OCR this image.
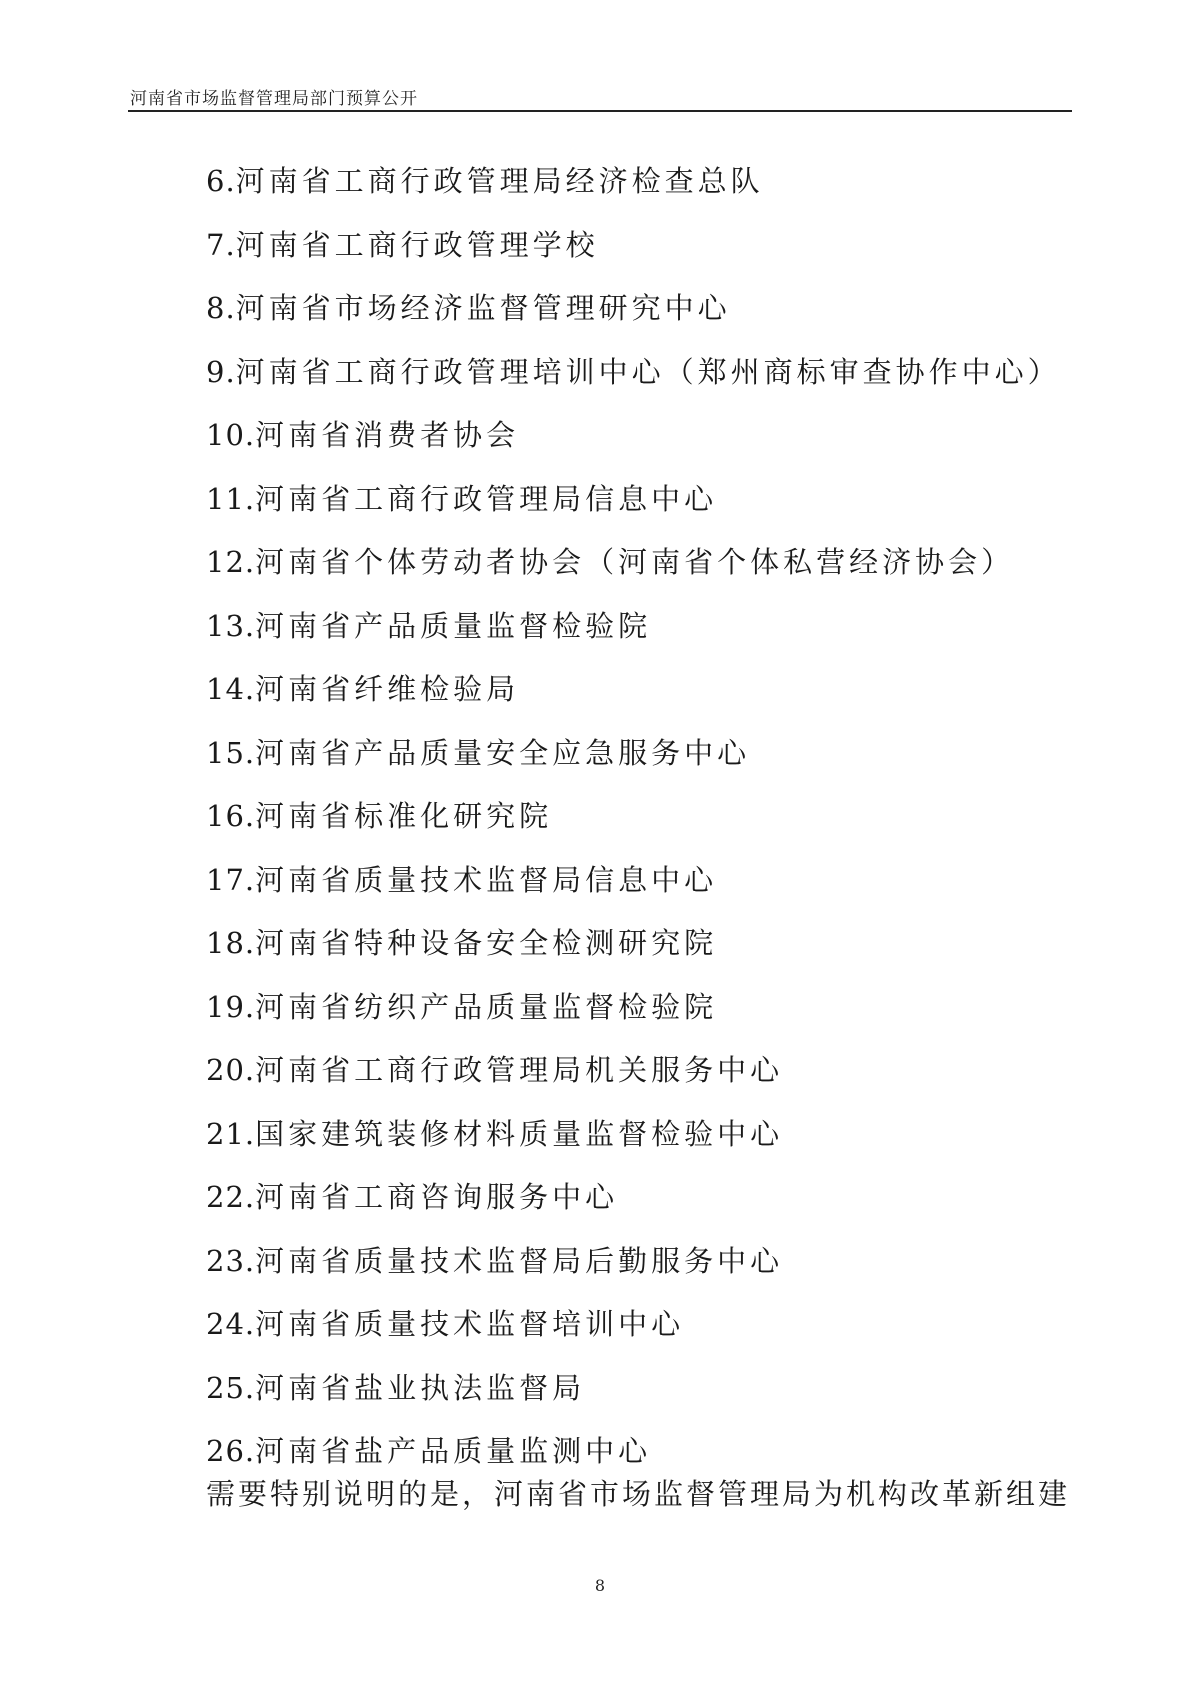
河南省市场监督管理局部门预算公开
6.河南省工商行政管理局经济检查总队
7.河南省工商行政管理学校
8.河南省市场经济监督管理研究中心
9.河南省工商行政管理培训中心（郑州商标审查协作中心）
10.河南省消费者协会
11.河南省工商行政管理局信息中心
12.河南省个体劳动者协会（河南省个体私营经济协会）
13.河南省产品质量监督检验院
14.河南省纤维检验局
15.河南省产品质量安全应急服务中心
16.河南省标准化研究院
17.河南省质量技术监督局信息中心
18.河南省特种设备安全检测研究院
19.河南省纺织产品质量监督检验院
20.河南省工商行政管理局机关服务中心
21.国家建筑装修材料质量监督检验中心
22.河南省工商咨询服务中心
23.河南省质量技术监督局后勤服务中心
24.河南省质量技术监督培训中心
25.河南省盐业执法监督局
26.河南省盐产品质量监测中心
需要特别说明的是，河南省市场监督管理局为机构改革新组建
8
